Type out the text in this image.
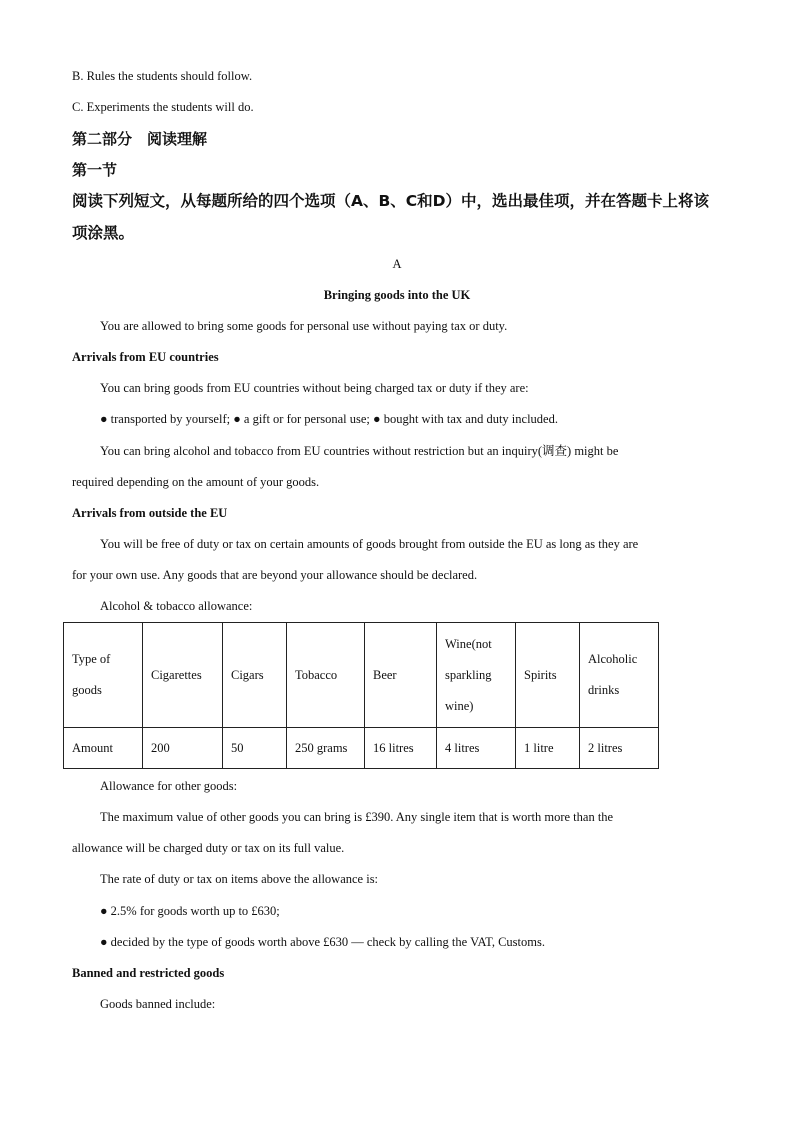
B. Rules the students should follow.
C. Experiments the students will do.
第二部分　阅读理解
第一节
阅读下列短文，从每题所给的四个选项（A、B、C和D）中，选出最佳项，并在答题卡上将该
项涂黑。
A
Bringing goods into the UK
You are allowed to bring some goods for personal use without paying tax or duty.
Arrivals from EU countries
You can bring goods from EU countries without being charged tax or duty if they are:
● transported by yourself; ● a gift or for personal use; ● bought with tax and duty included.
You can bring alcohol and tobacco from EU countries without restriction but an inquiry(调查) might be
required depending on the amount of your goods.
Arrivals from outside the EU
You will be free of duty or tax on certain amounts of goods brought from outside the EU as long as they are
for your own use. Any goods that are beyond your allowance should be declared.
Alcohol & tobacco allowance:
Type of goods	Cigarettes	Cigars	Tobacco	Beer	Wine(not sparkling wine)	Spirits	Alcoholic drinks
Amount	200	50	250 grams	16 litres	4 litres	1 litre	2 litres
Allowance for other goods:
The maximum value of other goods you can bring is £390. Any single item that is worth more than the
allowance will be charged duty or tax on its full value.
The rate of duty or tax on items above the allowance is:
● 2.5% for goods worth up to £630;
● decided by the type of goods worth above £630 — check by calling the VAT, Customs.
Banned and restricted goods
Goods banned include:
